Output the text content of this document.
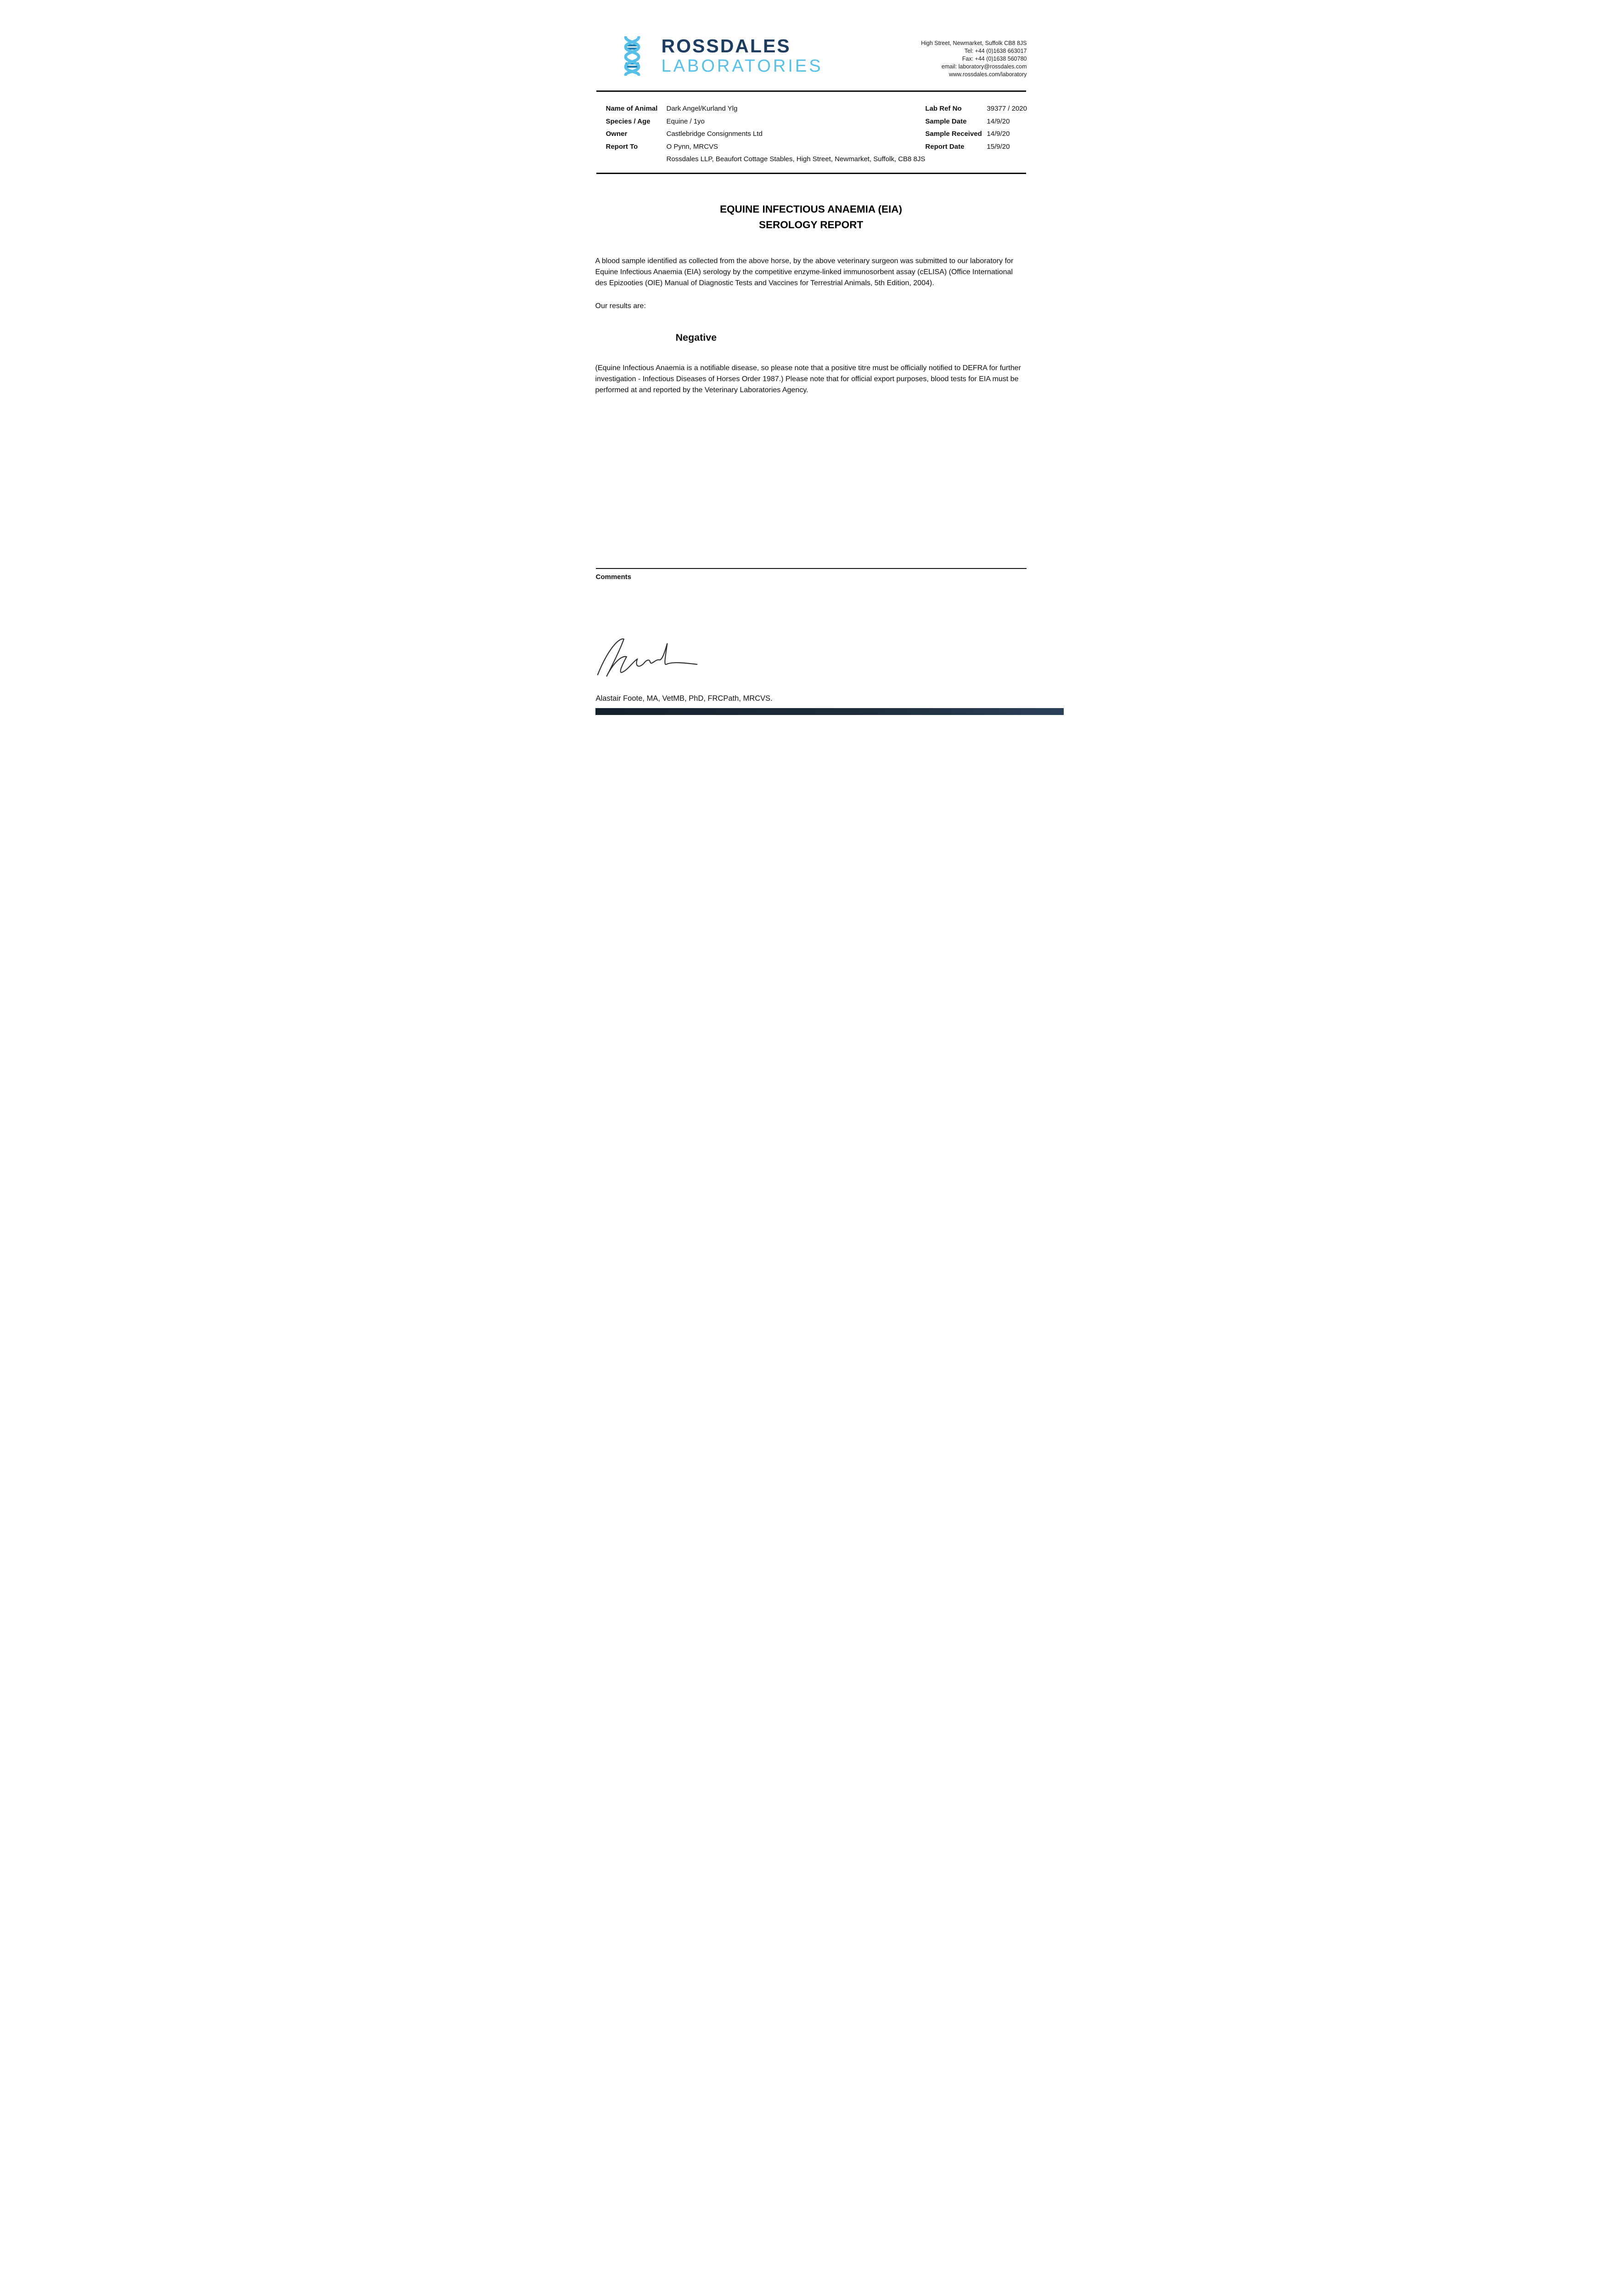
ROSSDALES
LABORATORIES
High Street, Newmarket, Suffolk CB8 8JS
Tel: +44 (0)1638 663017
Fax: +44 (0)1638 560780
email: laboratory@rossdales.com
www.rossdales.com/laboratory
Name of Animal	Dark Angel/Kurland Ylg
Species / Age	Equine / 1yo
Owner	Castlebridge Consignments Ltd
Report To	O Pynn, MRCVS
Rossdales LLP, Beaufort Cottage Stables, High Street, Newmarket, Suffolk, CB8 8JS
Lab Ref No	39377 / 2020
Sample Date	14/9/20
Sample Received 14/9/20
Report Date	15/9/20
EQUINE INFECTIOUS ANAEMIA (EIA)
SEROLOGY REPORT

A blood sample identified as collected from the above horse, by the above veterinary surgeon was submitted to our laboratory for Equine Infectious Anaemia (EIA) serology by the competitive enzyme-linked immunosorbent assay (cELISA) (Office International des Epizooties (OIE) Manual of Diagnostic Tests and Vaccines for Terrestrial Animals, 5th Edition, 2004).

Our results are:

Negative

(Equine Infectious Anaemia is a notifiable disease, so please note that a positive titre must be officially notified to DEFRA for further investigation - Infectious Diseases of Horses Order 1987.) Please note that for official export purposes, blood tests for EIA must be performed at and reported by the Veterinary Laboratories Agency.

Comments
Alastair Foote, MA, VetMB, PhD, FRCPath, MRCVS.
